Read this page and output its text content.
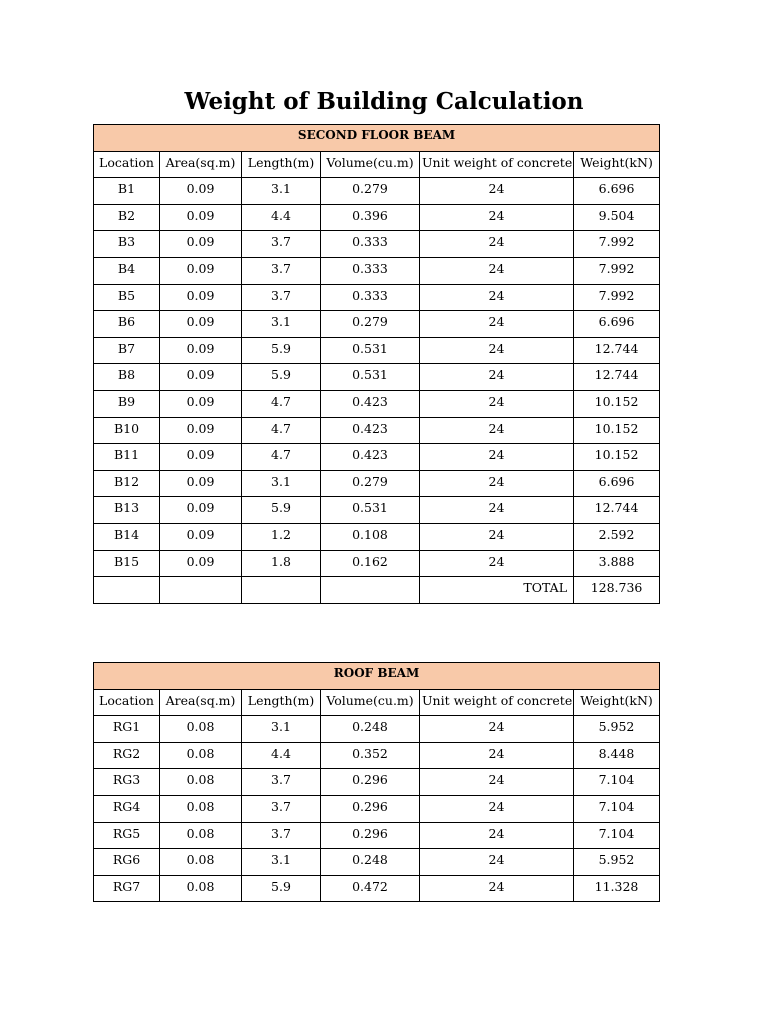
Weight of Building Calculation
SECOND FLOOR BEAM					
Location	Area(sq.m)	Length(m)	Volume(cu.m)	Unit weight of concrete	Weight(kN)
B1	0.09	3.1	0.279	24	6.696
B2	0.09	4.4	0.396	24	9.504
B3	0.09	3.7	0.333	24	7.992
B4	0.09	3.7	0.333	24	7.992
B5	0.09	3.7	0.333	24	7.992
B6	0.09	3.1	0.279	24	6.696
B7	0.09	5.9	0.531	24	12.744
B8	0.09	5.9	0.531	24	12.744
B9	0.09	4.7	0.423	24	10.152
B10	0.09	4.7	0.423	24	10.152
B11	0.09	4.7	0.423	24	10.152
B12	0.09	3.1	0.279	24	6.696
B13	0.09	5.9	0.531	24	12.744
B14	0.09	1.2	0.108	24	2.592
B15	0.09	1.8	0.162	24	3.888
				TOTAL	128.736
ROOF BEAM					
Location	Area(sq.m)	Length(m)	Volume(cu.m)	Unit weight of concrete	Weight(kN)
RG1	0.08	3.1	0.248	24	5.952
RG2	0.08	4.4	0.352	24	8.448
RG3	0.08	3.7	0.296	24	7.104
RG4	0.08	3.7	0.296	24	7.104
RG5	0.08	3.7	0.296	24	7.104
RG6	0.08	3.1	0.248	24	5.952
RG7	0.08	5.9	0.472	24	11.328
